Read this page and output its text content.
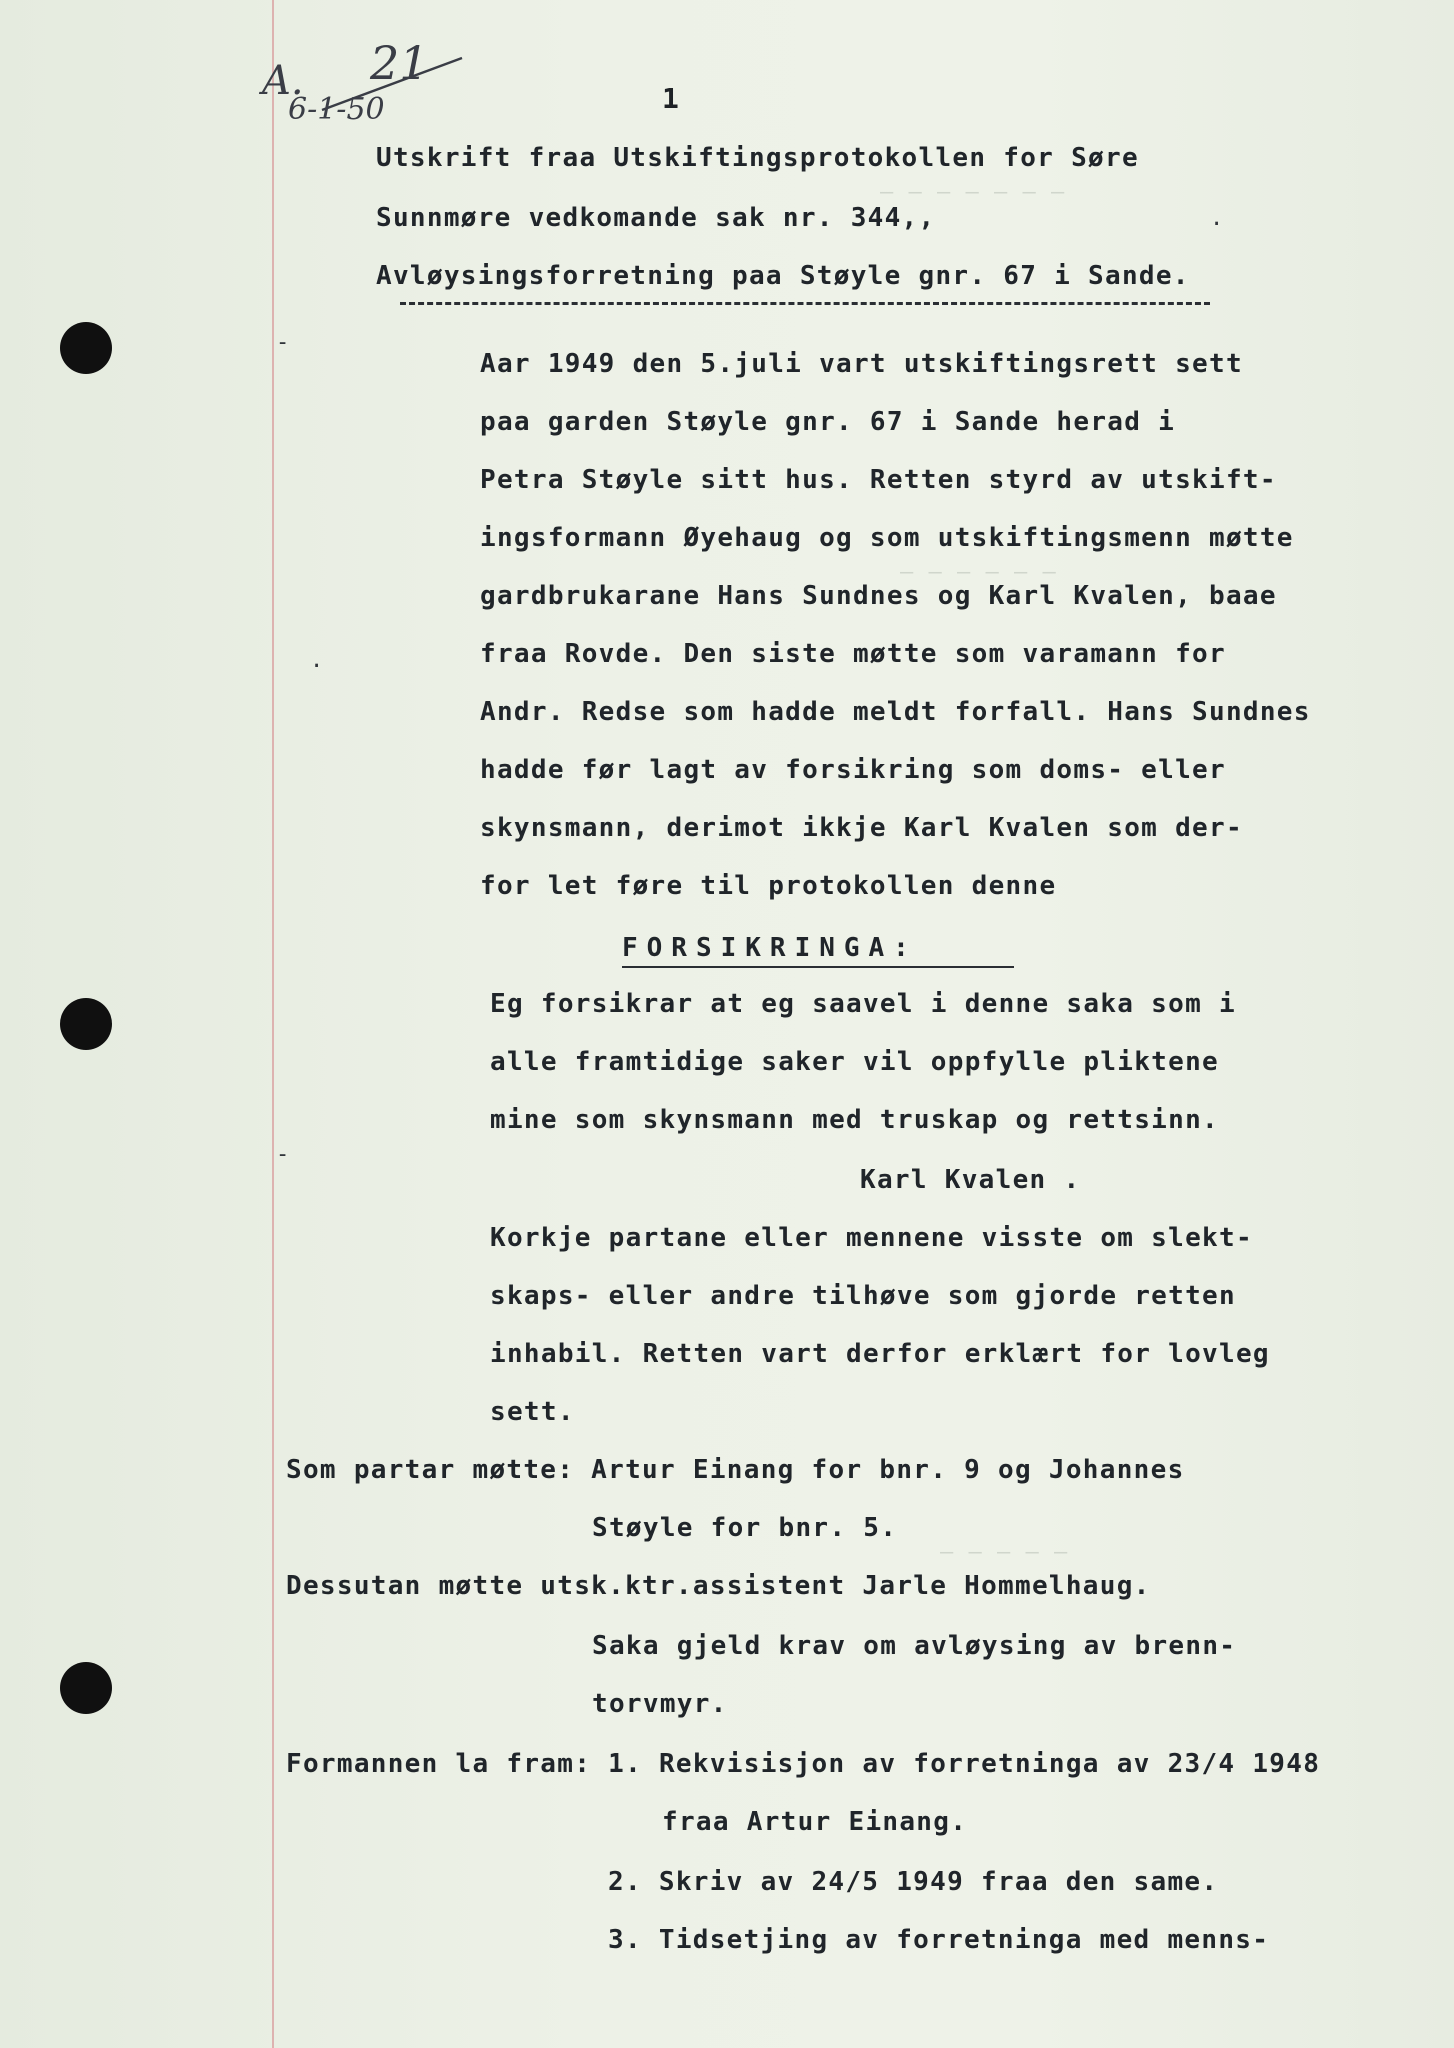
— — — — — — —
— — — — — —
— — — — —
A. 21
6-1-50	1
Utskrift fraa Utskiftingsprotokollen for Søre
Sunnmøre vedkomande sak nr. 344,,	.
Avløysingsforretning paa Støyle gnr. 67 i Sande.
-
Aar 1949 den 5.juli vart utskiftingsrett sett
paa garden Støyle gnr. 67 i Sande herad i
Petra Støyle sitt hus. Retten styrd av utskift-
ingsformann Øyehaug og som utskiftingsmenn møtte
gardbrukarane Hans Sundnes og Karl Kvalen, baae
fraa Rovde. Den siste møtte som varamann for
.
Andr. Redse som hadde meldt forfall. Hans Sundnes
hadde før lagt av forsikring som doms- eller
skynsmann, derimot ikkje Karl Kvalen som der-
for let føre til protokollen denne
FORSIKRINGA:
Eg forsikrar at eg saavel i denne saka som i
alle framtidige saker vil oppfylle pliktene
mine som skynsmann med truskap og rettsinn.
-
Karl Kvalen .
Korkje partane eller mennene visste om slekt-
skaps- eller andre tilhøve som gjorde retten
inhabil. Retten vart derfor erklært for lovleg
sett.
Som partar møtte: Artur Einang for bnr. 9 og Johannes
Støyle for bnr. 5.
Dessutan møtte utsk.ktr.assistent Jarle Hommelhaug.
Saka gjeld krav om avløysing av brenn-
torvmyr.
Formannen la fram: 1. Rekvisisjon av forretninga av 23/4 1948
fraa Artur Einang.
2. Skriv av 24/5 1949 fraa den same.
3. Tidsetjing av forretninga med menns-
